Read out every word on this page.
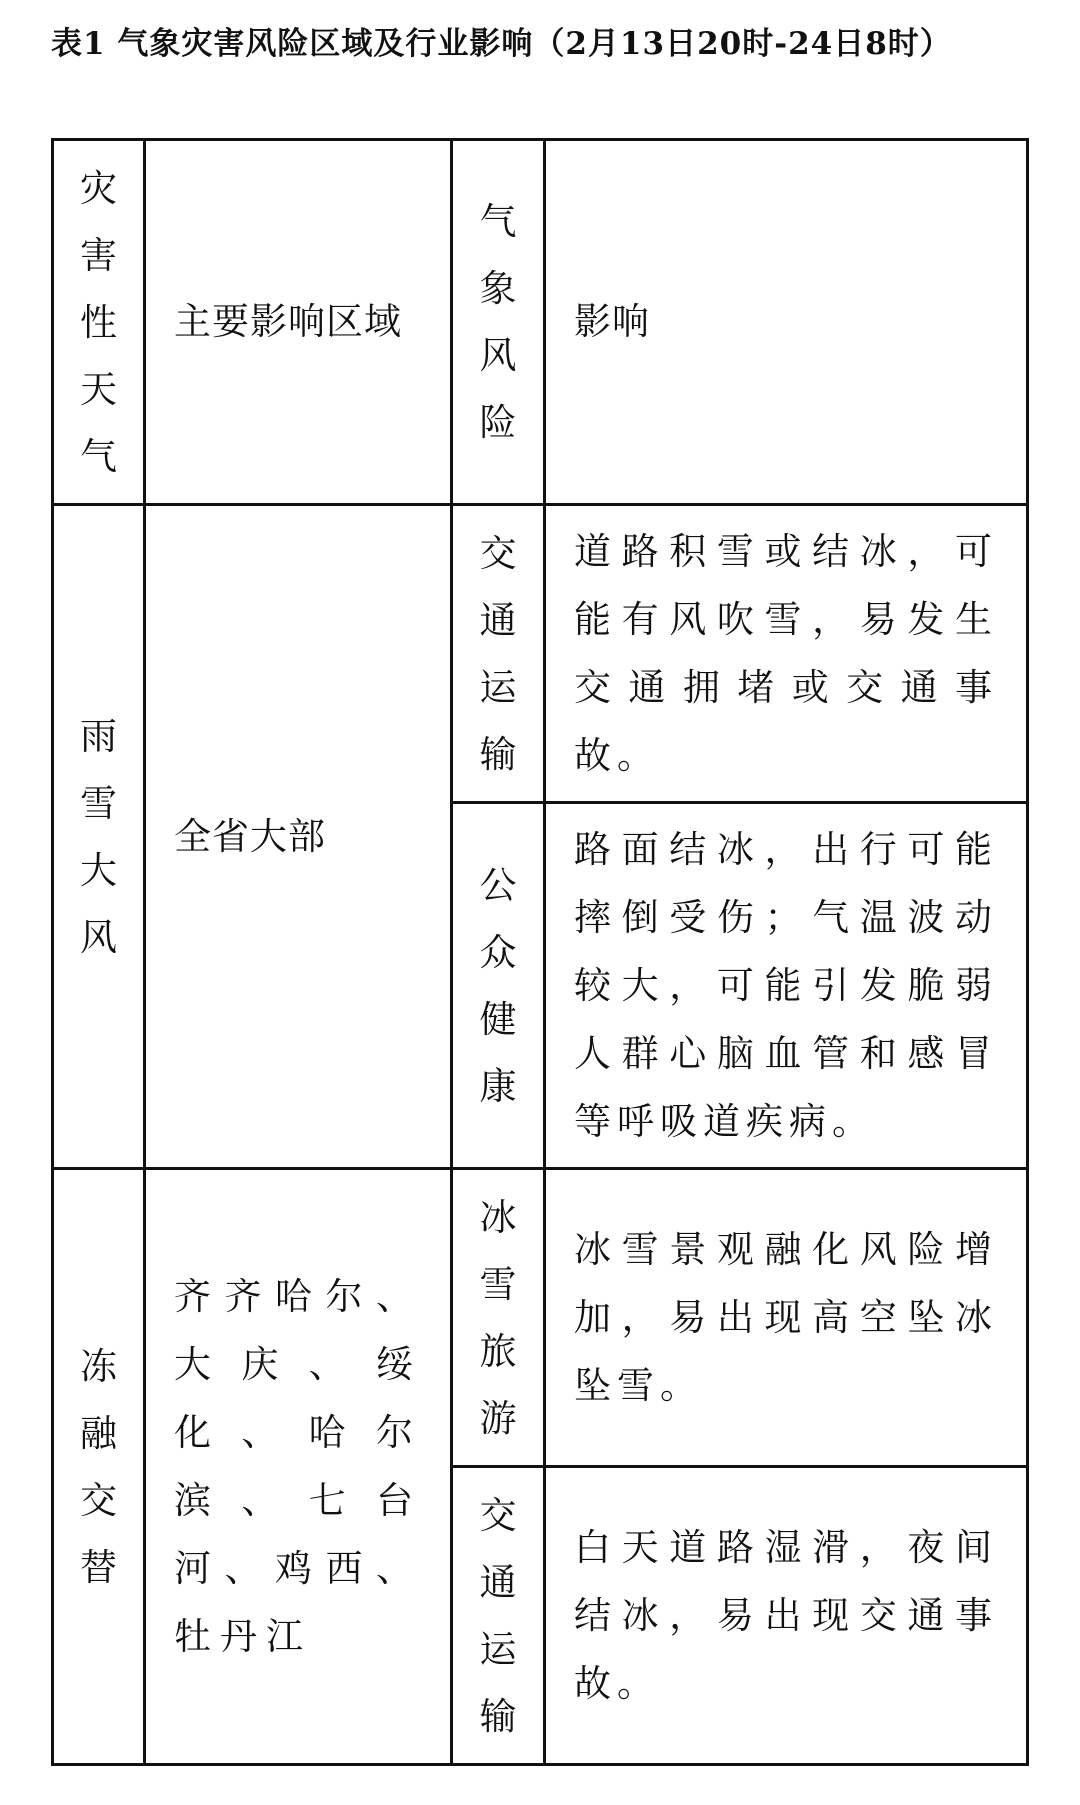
表1 气象灾害风险区域及行业影响（2月13日20时-24日8时）
灾
害
性
天
气
主要影响区域
气
象
风
险
影响
雨
雪
大
风
全省大部
交
通
运
输
道路积雪或结冰，可能有风吹雪，易发生交通拥堵或交通事故。
公
众
健
康
路面结冰，出行可能摔倒受伤；气温波动较大，可能引发脆弱人群心脑血管和感冒等呼吸道疾病。
冻
融
交
替
齐齐哈尔、大庆、绥化、哈尔滨、七台河、鸡西、牡丹江
冰
雪
旅
游
冰雪景观融化风险增加，易出现高空坠冰坠雪。
交
通
运
输
白天道路湿滑，夜间结冰，易出现交通事故。
